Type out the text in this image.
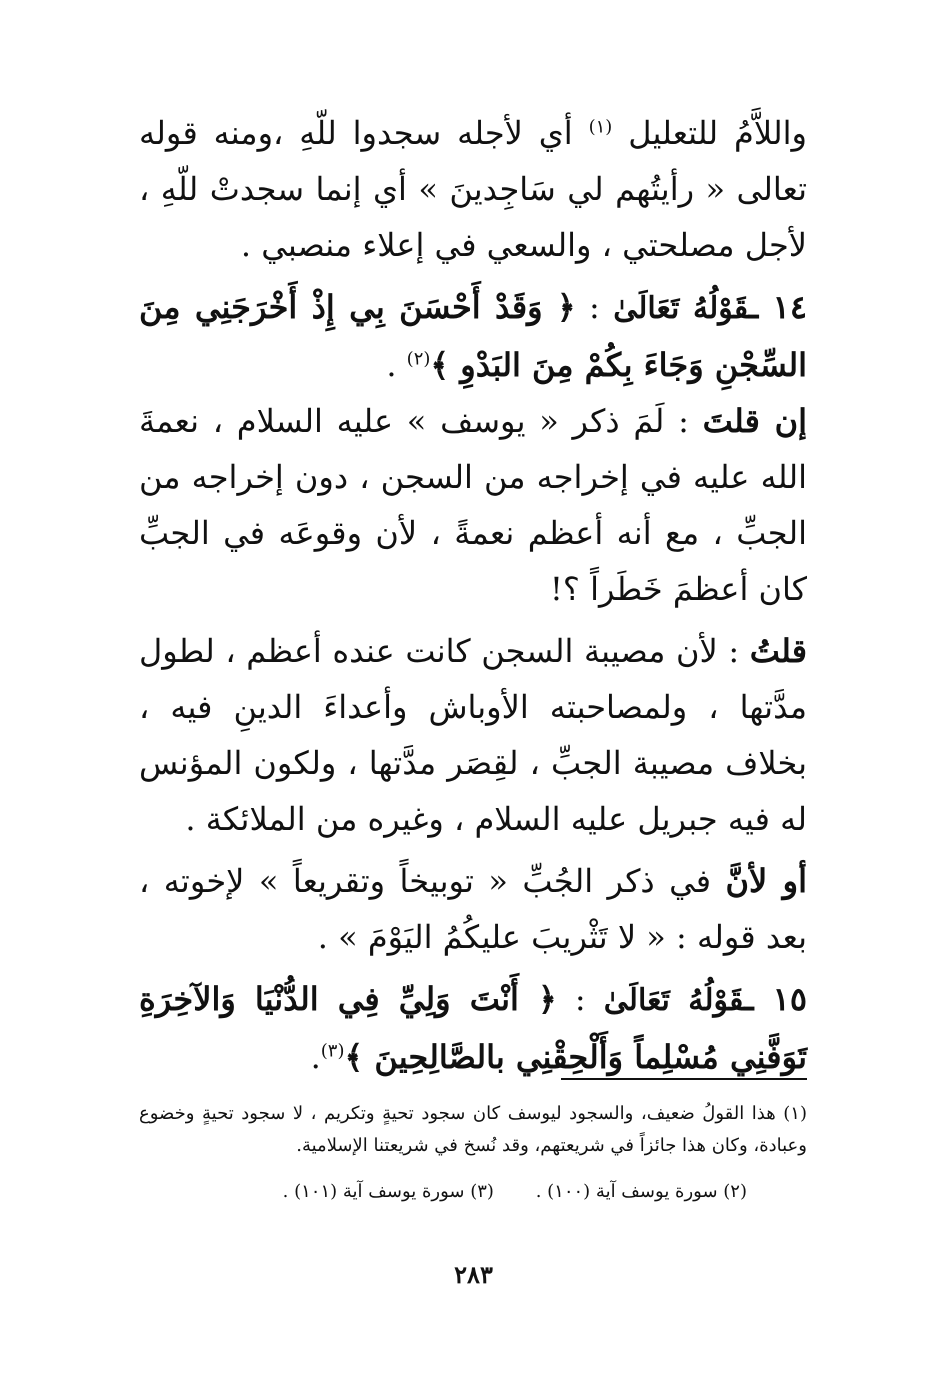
واللاَّمُ للتعليل $^{(١)}$ أي لأجله سجدوا للّهِ ،ومنه قوله تعالى « رأيتُهم لي سَاجِدينَ » أي إنما سجدتْ للّهِ ، لأجل مصلحتي ، والسعي في إعلاء منصبي .

١٤ ـقَوْلُهُ تَعَالَىٰ : ﴿ وَقَدْ أَحْسَنَ بِي إِذْ أَخْرَجَنِي مِنَ السِّجْنِ وَجَاءَ بِكُمْ مِنَ البَدْوِ ﴾$^{(٢)}$ .

إن قلتَ : لَمَ ذكر « يوسف » عليه السلام ، نعمةَ الله عليه في إخراجه من السجن ، دون إخراجه من الجبِّ ، مع أنه أعظم نعمةً ، لأن وقوعَه في الجبِّ كان أعظمَ خَطَراً ؟!

قلتُ : لأن مصيبة السجن كانت عنده أعظم ، لطول مدَّتها ، ولمصاحبته الأوباش وأعداءَ الدينِ فيه ، بخلاف مصيبة الجبِّ ، لقِصَر مدَّتها ، ولكون المؤنس له فيه جبريل عليه السلام ، وغيره من الملائكة .

أو لأنَّ في ذكر الجُبِّ « توبيخاً وتقريعاً » لإخوته ، بعد قوله : « لا تَثْريبَ عليكُمُ اليَوْمَ » .

١٥ ـقَوْلُهُ تَعَالَىٰ : ﴿ أَنْتَ وَلِيِّ فِي الدُّنْيَا وَالآخِرَةِ تَوَفَّنِي مُسْلِماً وَأَلْحِقْنِي بالصَّالِحِينَ ﴾$^{(٣)}$.

(١) هذا القولُ ضعيف، والسجود ليوسف كان سجود تحيةٍ وتكريم ، لا سجود تحيةٍ وخضوع وعبادة، وكان هذا جائزاً في شريعتهم، وقد نُسخ في شريعتنا الإسلامية.

(٢) سورة يوسف آية (١٠٠) . (٣) سورة يوسف آية (١٠١) .
٢٨٣
